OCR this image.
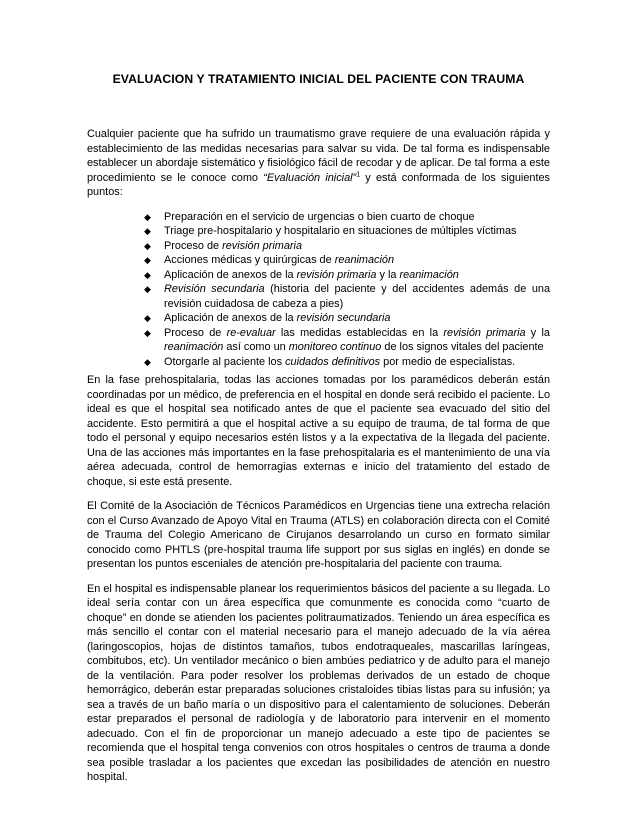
EVALUACION Y TRATAMIENTO INICIAL DEL PACIENTE CON TRAUMA

Cualquier paciente que ha sufrido un traumatismo grave requiere de una evaluación rápida y establecimiento de las medidas necesarias para salvar su vida. De tal forma es indispensable establecer un abordaje sistemático y fisiológico fácil de recodar y de aplicar. De tal forma a este procedimiento se le conoce como “Evaluación inicial”$^1$ y está conformada de los siguientes puntos:

◆ Preparación en el servicio de urgencias o bien cuarto de choque
◆ Triage pre-hospitalario y hospitalario en situaciones de múltiples víctimas
◆ Proceso de revisión primaria
◆ Acciones médicas y quirúrgicas de reanimación
◆ Aplicación de anexos de la revisión primaria y la reanimación
◆ Revisión secundaria (historia del paciente y del accidentes además de una revisión cuidadosa de cabeza a pies)
◆ Aplicación de anexos de la revisión secundaria
◆ Proceso de re-evaluar las medidas establecidas en la revisión primaria y la reanimación así como un monitoreo continuo de los signos vitales del paciente
◆ Otorgarle al paciente los cuidados definitivos por medio de especialistas.

En la fase prehospitalaria, todas las acciones tomadas por los paramédicos deberán están coordinadas por un médico, de preferencia en el hospital en donde será recibido el paciente. Lo ideal es que el hospital sea notificado antes de que el paciente sea evacuado del sitio del accidente. Esto permitirá a que el hospital active a su equipo de trauma, de tal forma de que todo el personal y equipo necesarios estén listos y a la expectativa de la llegada del paciente. Una de las acciones más importantes en la fase prehospitalaria es el mantenimiento de una vía aérea adecuada, control de hemorragias externas e inicio del tratamiento del estado de choque, si este está presente.

El Comité de la Asociación de Técnicos Paramédicos en Urgencias tiene una extrecha relación con el Curso Avanzado de Apoyo Vital en Trauma (ATLS) en colaboración directa con el Comité de Trauma del Colegio Americano de Cirujanos desarrolando un curso en formato similar conocido como PHTLS (pre-hospital trauma life support por sus siglas en inglés) en donde se presentan los puntos esceniales de atención pre-hospitalaria del paciente con trauma.

En el hospital es indispensable planear los requerimientos básicos del paciente a su llegada. Lo ideal sería contar con un área específica que comunmente es conocida como “cuarto de choque” en donde se atienden los pacientes politraumatizados. Teniendo un área específica es más sencillo el contar con el material necesario para el manejo adecuado de la vía aérea (laringoscopios, hojas de distintos tamaños, tubos endotraqueales, mascarillas laríngeas, combitubos, etc). Un ventilador mecánico o bien ambúes pediatrico y de adulto para el manejo de la ventilación. Para poder resolver los problemas derivados de un estado de choque hemorrágico, deberán estar preparadas soluciones cristaloides tibias listas para su infusión; ya sea a través de un baño maría o un dispositivo para el calentamiento de soluciones. Deberán estar preparados el personal de radiología y de laboratorio para intervenir en el momento adecuado. Con el fin de proporcionar un manejo adecuado a este tipo de pacientes se recomienda que el hospital tenga convenios con otros hospitales o centros de trauma a donde sea posible trasladar a los pacientes que excedan las posibilidades de atención en nuestro hospital.
